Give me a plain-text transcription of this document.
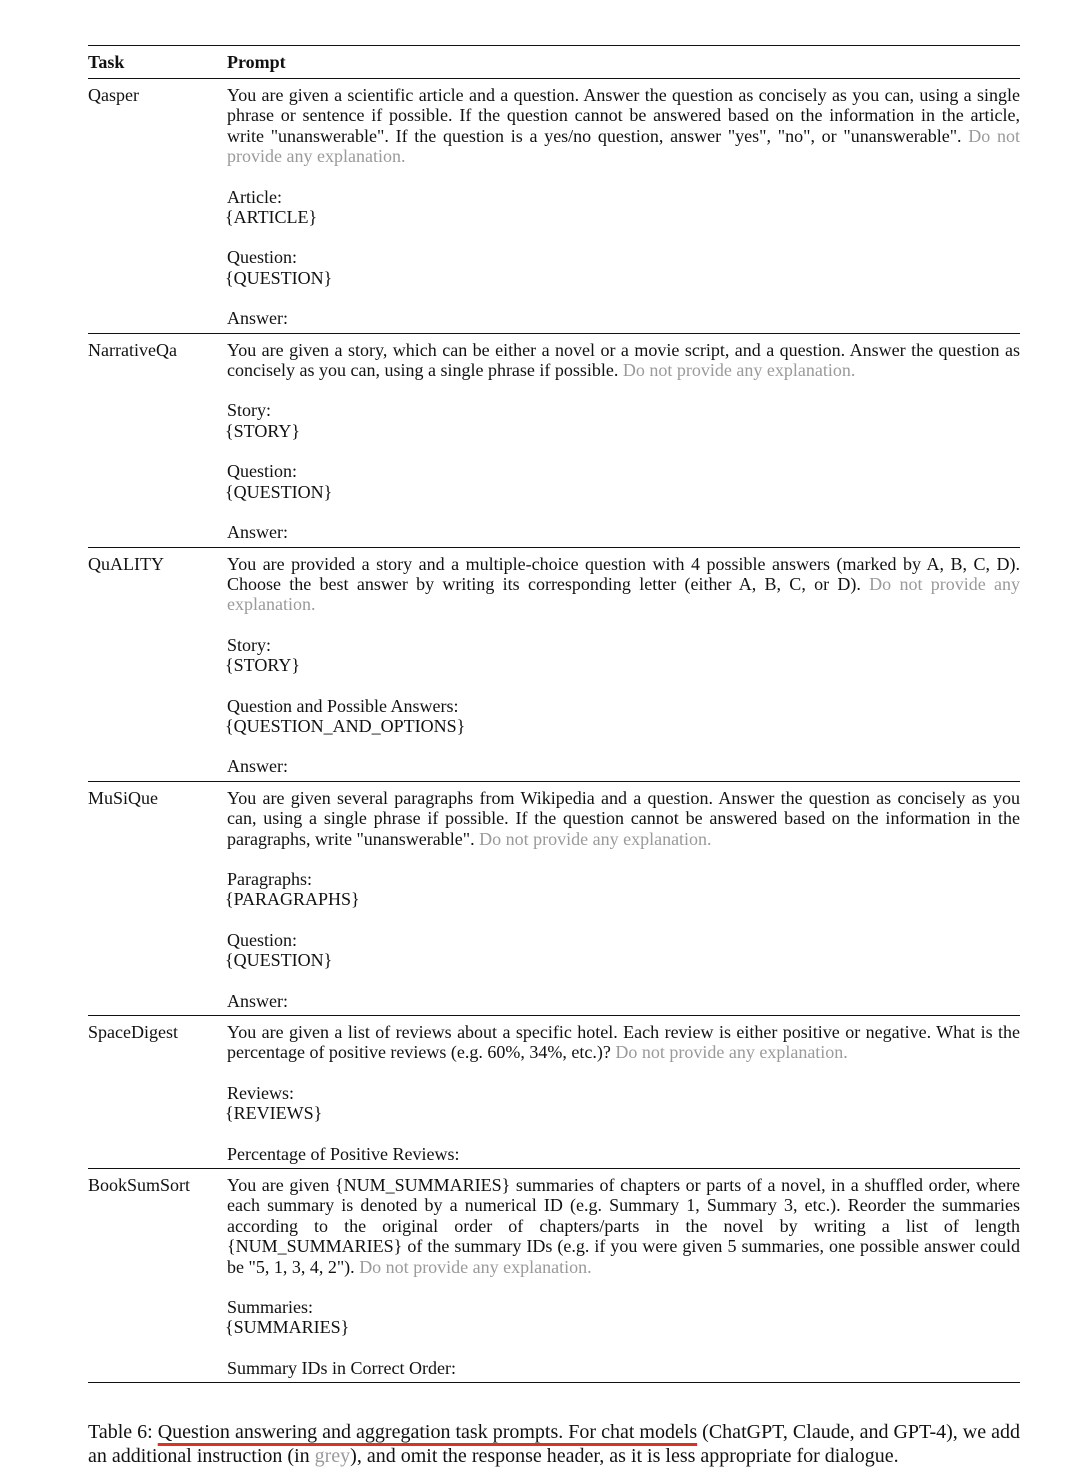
Task	Prompt
Qasper	You are given a scientific article and a question. Answer the question as concisely as you can, using a single phrase or sentence if possible. If the question cannot be answered based on the information in the article, write "unanswerable". If the question is a yes/no question, answer "yes", "no", or "unanswerable". Do not provide any explanation.

Article:
{ARTICLE}
Question:
{QUESTION}
Answer:
NarrativeQa	You are given a story, which can be either a novel or a movie script, and a question. Answer the question as concisely as you can, using a single phrase if possible. Do not provide any explanation.

Story:
{STORY}
Question:
{QUESTION}
Answer:
QuALITY	You are provided a story and a multiple-choice question with 4 possible answers (marked by A, B, C, D). Choose the best answer by writing its corresponding letter (either A, B, C, or D). Do not provide any explanation.

Story:
{STORY}
Question and Possible Answers:
{QUESTION_AND_OPTIONS}
Answer:
MuSiQue	You are given several paragraphs from Wikipedia and a question. Answer the question as concisely as you can, using a single phrase if possible. If the question cannot be answered based on the information in the paragraphs, write "unanswerable". Do not provide any explanation.

Paragraphs:
{PARAGRAPHS}
Question:
{QUESTION}
Answer:
SpaceDigest	You are given a list of reviews about a specific hotel. Each review is either positive or negative. What is the percentage of positive reviews (e.g. 60%, 34%, etc.)? Do not provide any explanation.

Reviews:
{REVIEWS}
Percentage of Positive Reviews:
BookSumSort	You are given {NUM_SUMMARIES} summaries of chapters or parts of a novel, in a shuffled order, where each summary is denoted by a numerical ID (e.g. Summary 1, Summary 3, etc.). Reorder the summaries according to the original order of chapters/parts in the novel by writing a list of length {NUM_SUMMARIES} of the summary IDs (e.g. if you were given 5 summaries, one possible answer could be "5, 1, 3, 4, 2"). Do not provide any explanation.

Summaries:
{SUMMARIES}
Summary IDs in Correct Order:
Table 6: Question answering and aggregation task prompts. For chat models (ChatGPT, Claude, and GPT-4), we add an additional instruction (in grey), and omit the response header, as it is less appropriate for dialogue.
